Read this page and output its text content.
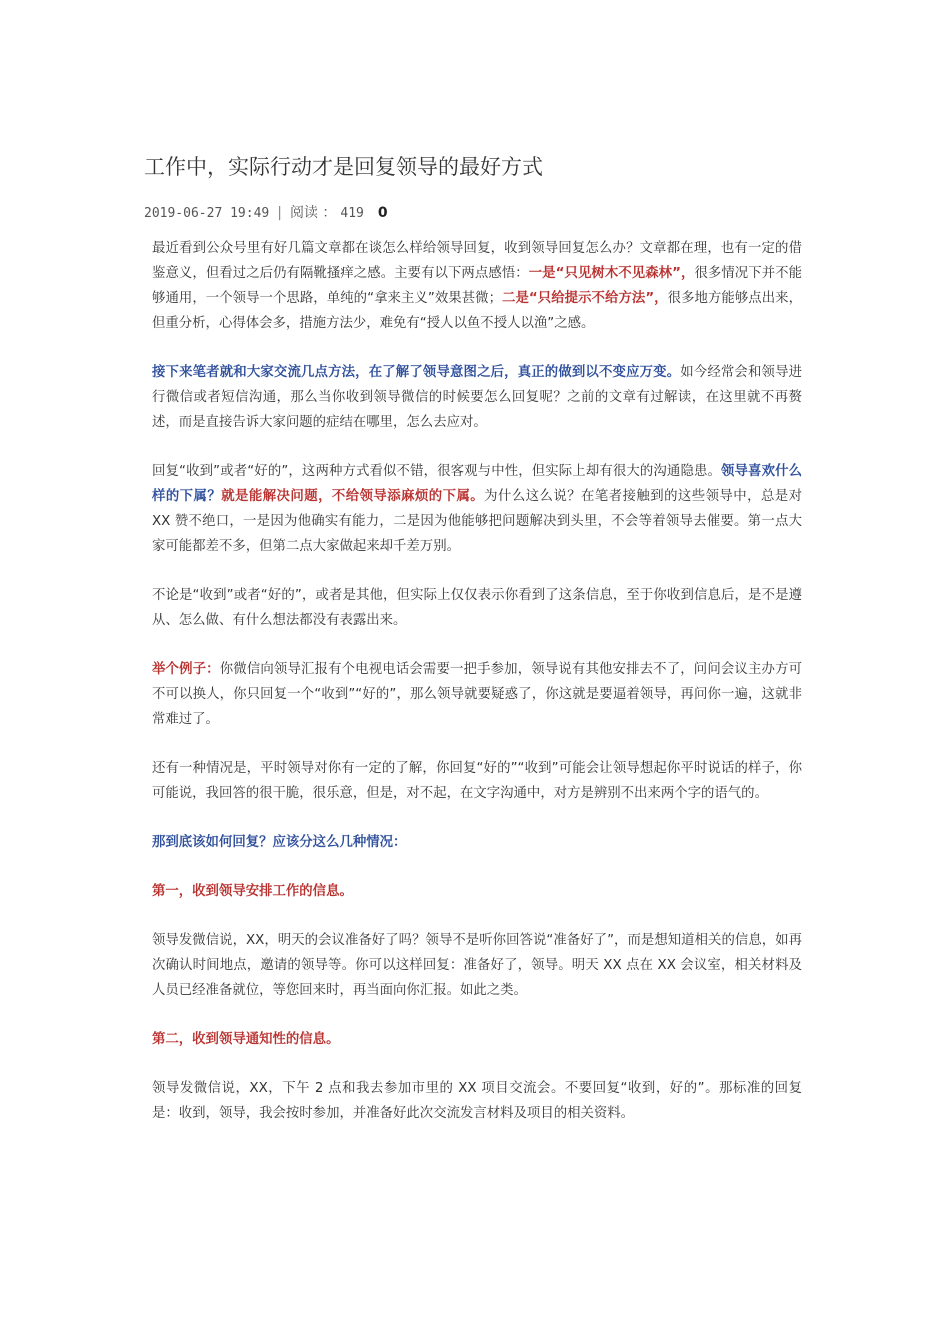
工作中，实际行动才是回复领导的最好方式
2019-06-27 19:49 | 阅读 ： 419 0

最近看到公众号里有好几篇文章都在谈怎么样给领导回复，收到领导回复怎么办？文章都在理，也有一定的借鉴意义，但看过之后仍有隔靴搔痒之感。主要有以下两点感悟：一是“只见树木不见森林”，很多情况下并不能够通用，一个领导一个思路，单纯的“拿来主义”效果甚微；二是“只给提示不给方法”，很多地方能够点出来，但重分析，心得体会多，措施方法少，难免有“授人以鱼不授人以渔”之感。

接下来笔者就和大家交流几点方法，在了解了领导意图之后，真正的做到以不变应万变。如今经常会和领导进行微信或者短信沟通，那么当你收到领导微信的时候要怎么回复呢？之前的文章有过解读，在这里就不再赘述，而是直接告诉大家问题的症结在哪里，怎么去应对。

回复“收到”或者“好的”，这两种方式看似不错，很客观与中性，但实际上却有很大的沟通隐患。领导喜欢什么样的下属？就是能解决问题，不给领导添麻烦的下属。为什么这么说？在笔者接触到的这些领导中，总是对 XX 赞不绝口，一是因为他确实有能力，二是因为他能够把问题解决到头里，不会等着领导去催要。第一点大家可能都差不多，但第二点大家做起来却千差万别。

不论是“收到”或者“好的”，或者是其他，但实际上仅仅表示你看到了这条信息，至于你收到信息后，是不是遵从、怎么做、有什么想法都没有表露出来。

举个例子：你微信向领导汇报有个电视电话会需要一把手参加，领导说有其他安排去不了，问问会议主办方可不可以换人，你只回复一个“收到”“好的”，那么领导就要疑惑了，你这就是要逼着领导，再问你一遍，这就非常难过了。

还有一种情况是，平时领导对你有一定的了解，你回复“好的”“收到”可能会让领导想起你平时说话的样子，你可能说，我回答的很干脆，很乐意，但是，对不起，在文字沟通中，对方是辨别不出来两个字的语气的。

那到底该如何回复？应该分这么几种情况：

第一，收到领导安排工作的信息。

领导发微信说，XX，明天的会议准备好了吗？领导不是听你回答说“准备好了”，而是想知道相关的信息，如再次确认时间地点，邀请的领导等。你可以这样回复：准备好了，领导。明天 XX 点在 XX 会议室，相关材料及人员已经准备就位，等您回来时，再当面向你汇报。如此之类。

第二，收到领导通知性的信息。

领导发微信说，XX，下午 2 点和我去参加市里的 XX 项目交流会。不要回复“收到，好的”。那标准的回复是：收到，领导，我会按时参加，并准备好此次交流发言材料及项目的相关资料。
